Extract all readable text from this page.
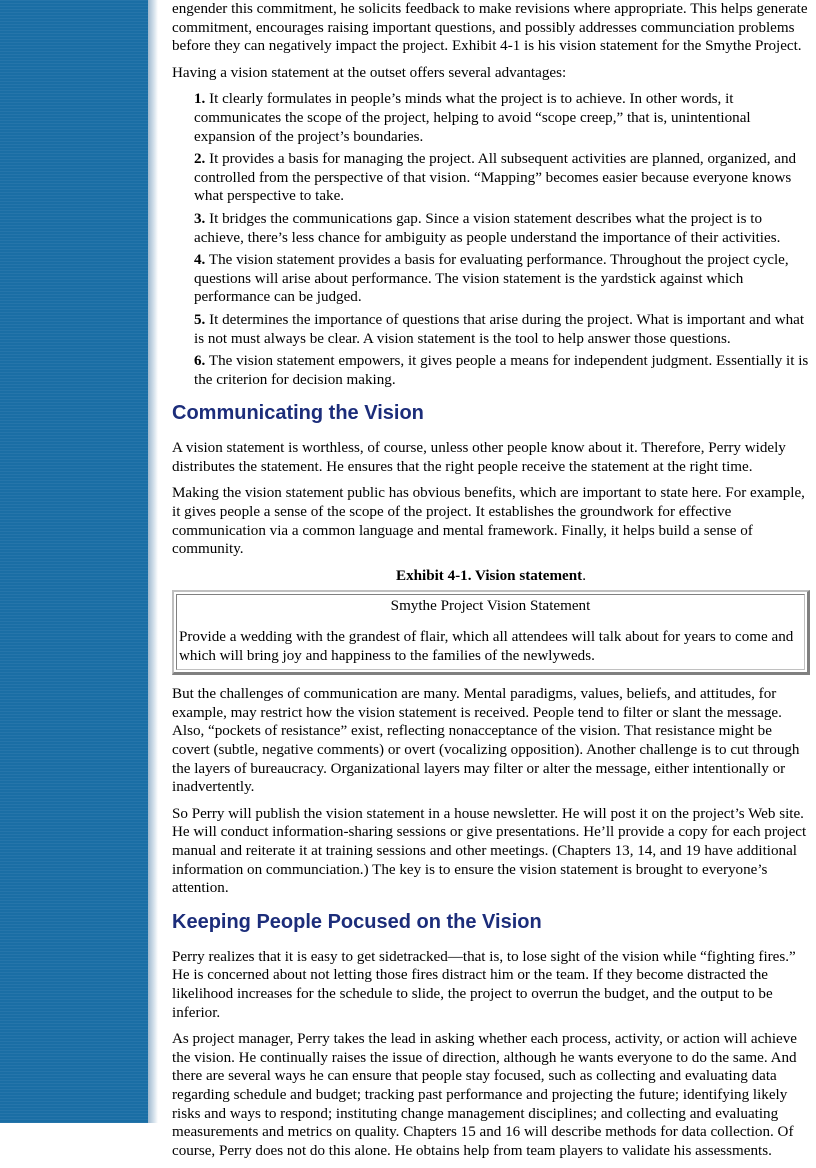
engender this commitment, he solicits feedback to make revisions where appropriate. This helps generate commitment, encourages raising important questions, and possibly addresses communciation problems before they can negatively impact the project. Exhibit 4-1 is his vision statement for the Smythe Project.

Having a vision statement at the outset offers several advantages:

1. It clearly formulates in people’s minds what the project is to achieve. In other words, it communicates the scope of the project, helping to avoid “scope creep,” that is, unintentional expansion of the project’s boundaries.

2. It provides a basis for managing the project. All subsequent activities are planned, organized, and controlled from the perspective of that vision. “Mapping” becomes easier because everyone knows what perspective to take.

3. It bridges the communications gap. Since a vision statement describes what the project is to achieve, there’s less chance for ambiguity as people understand the importance of their activities.

4. The vision statement provides a basis for evaluating performance. Throughout the project cycle, questions will arise about performance. The vision statement is the yardstick against which performance can be judged.

5. It determines the importance of questions that arise during the project. What is important and what is not must always be clear. A vision statement is the tool to help answer those questions.

6. The vision statement empowers, it gives people a means for independent judgment. Essentially it is the criterion for decision making.

Communicating the Vision

A vision statement is worthless, of course, unless other people know about it. Therefore, Perry widely distributes the statement. He ensures that the right people receive the statement at the right time.

Making the vision statement public has obvious benefits, which are important to state here. For example, it gives people a sense of the scope of the project. It establishes the groundwork for effective communication via a common language and mental framework. Finally, it helps build a sense of community.

Exhibit 4-1. Vision statement.

Smythe Project Vision Statement

Provide a wedding with the grandest of flair, which all attendees will talk about for years to come and which will bring joy and happiness to the families of the newlyweds.

But the challenges of communication are many. Mental paradigms, values, beliefs, and attitudes, for example, may restrict how the vision statement is received. People tend to filter or slant the message. Also, “pockets of resistance” exist, reflecting nonacceptance of the vision. That resistance might be covert (subtle, negative comments) or overt (vocalizing opposition). Another challenge is to cut through the layers of bureaucracy. Organizational layers may filter or alter the message, either intentionally or inadvertently.

So Perry will publish the vision statement in a house newsletter. He will post it on the project’s Web site. He will conduct information-sharing sessions or give presentations. He’ll provide a copy for each project manual and reiterate it at training sessions and other meetings. (Chapters 13, 14, and 19 have additional information on communciation.) The key is to ensure the vision statement is brought to everyone’s attention.

Keeping People Pocused on the Vision

Perry realizes that it is easy to get sidetracked—that is, to lose sight of the vision while “fighting fires.” He is concerned about not letting those fires distract him or the team. If they become distracted the likelihood increases for the schedule to slide, the project to overrun the budget, and the output to be inferior.

As project manager, Perry takes the lead in asking whether each process, activity, or action will achieve the vision. He continually raises the issue of direction, although he wants everyone to do the same. And there are several ways he can ensure that people stay focused, such as collecting and evaluating data regarding schedule and budget; tracking past performance and projecting the future; identifying likely risks and ways to respond; instituting change management disciplines; and collecting and evaluating measurements and metrics on quality. Chapters 15 and 16 will describe methods for data collection. Of course, Perry does not do this alone. He obtains help from team players to validate his assessments.
